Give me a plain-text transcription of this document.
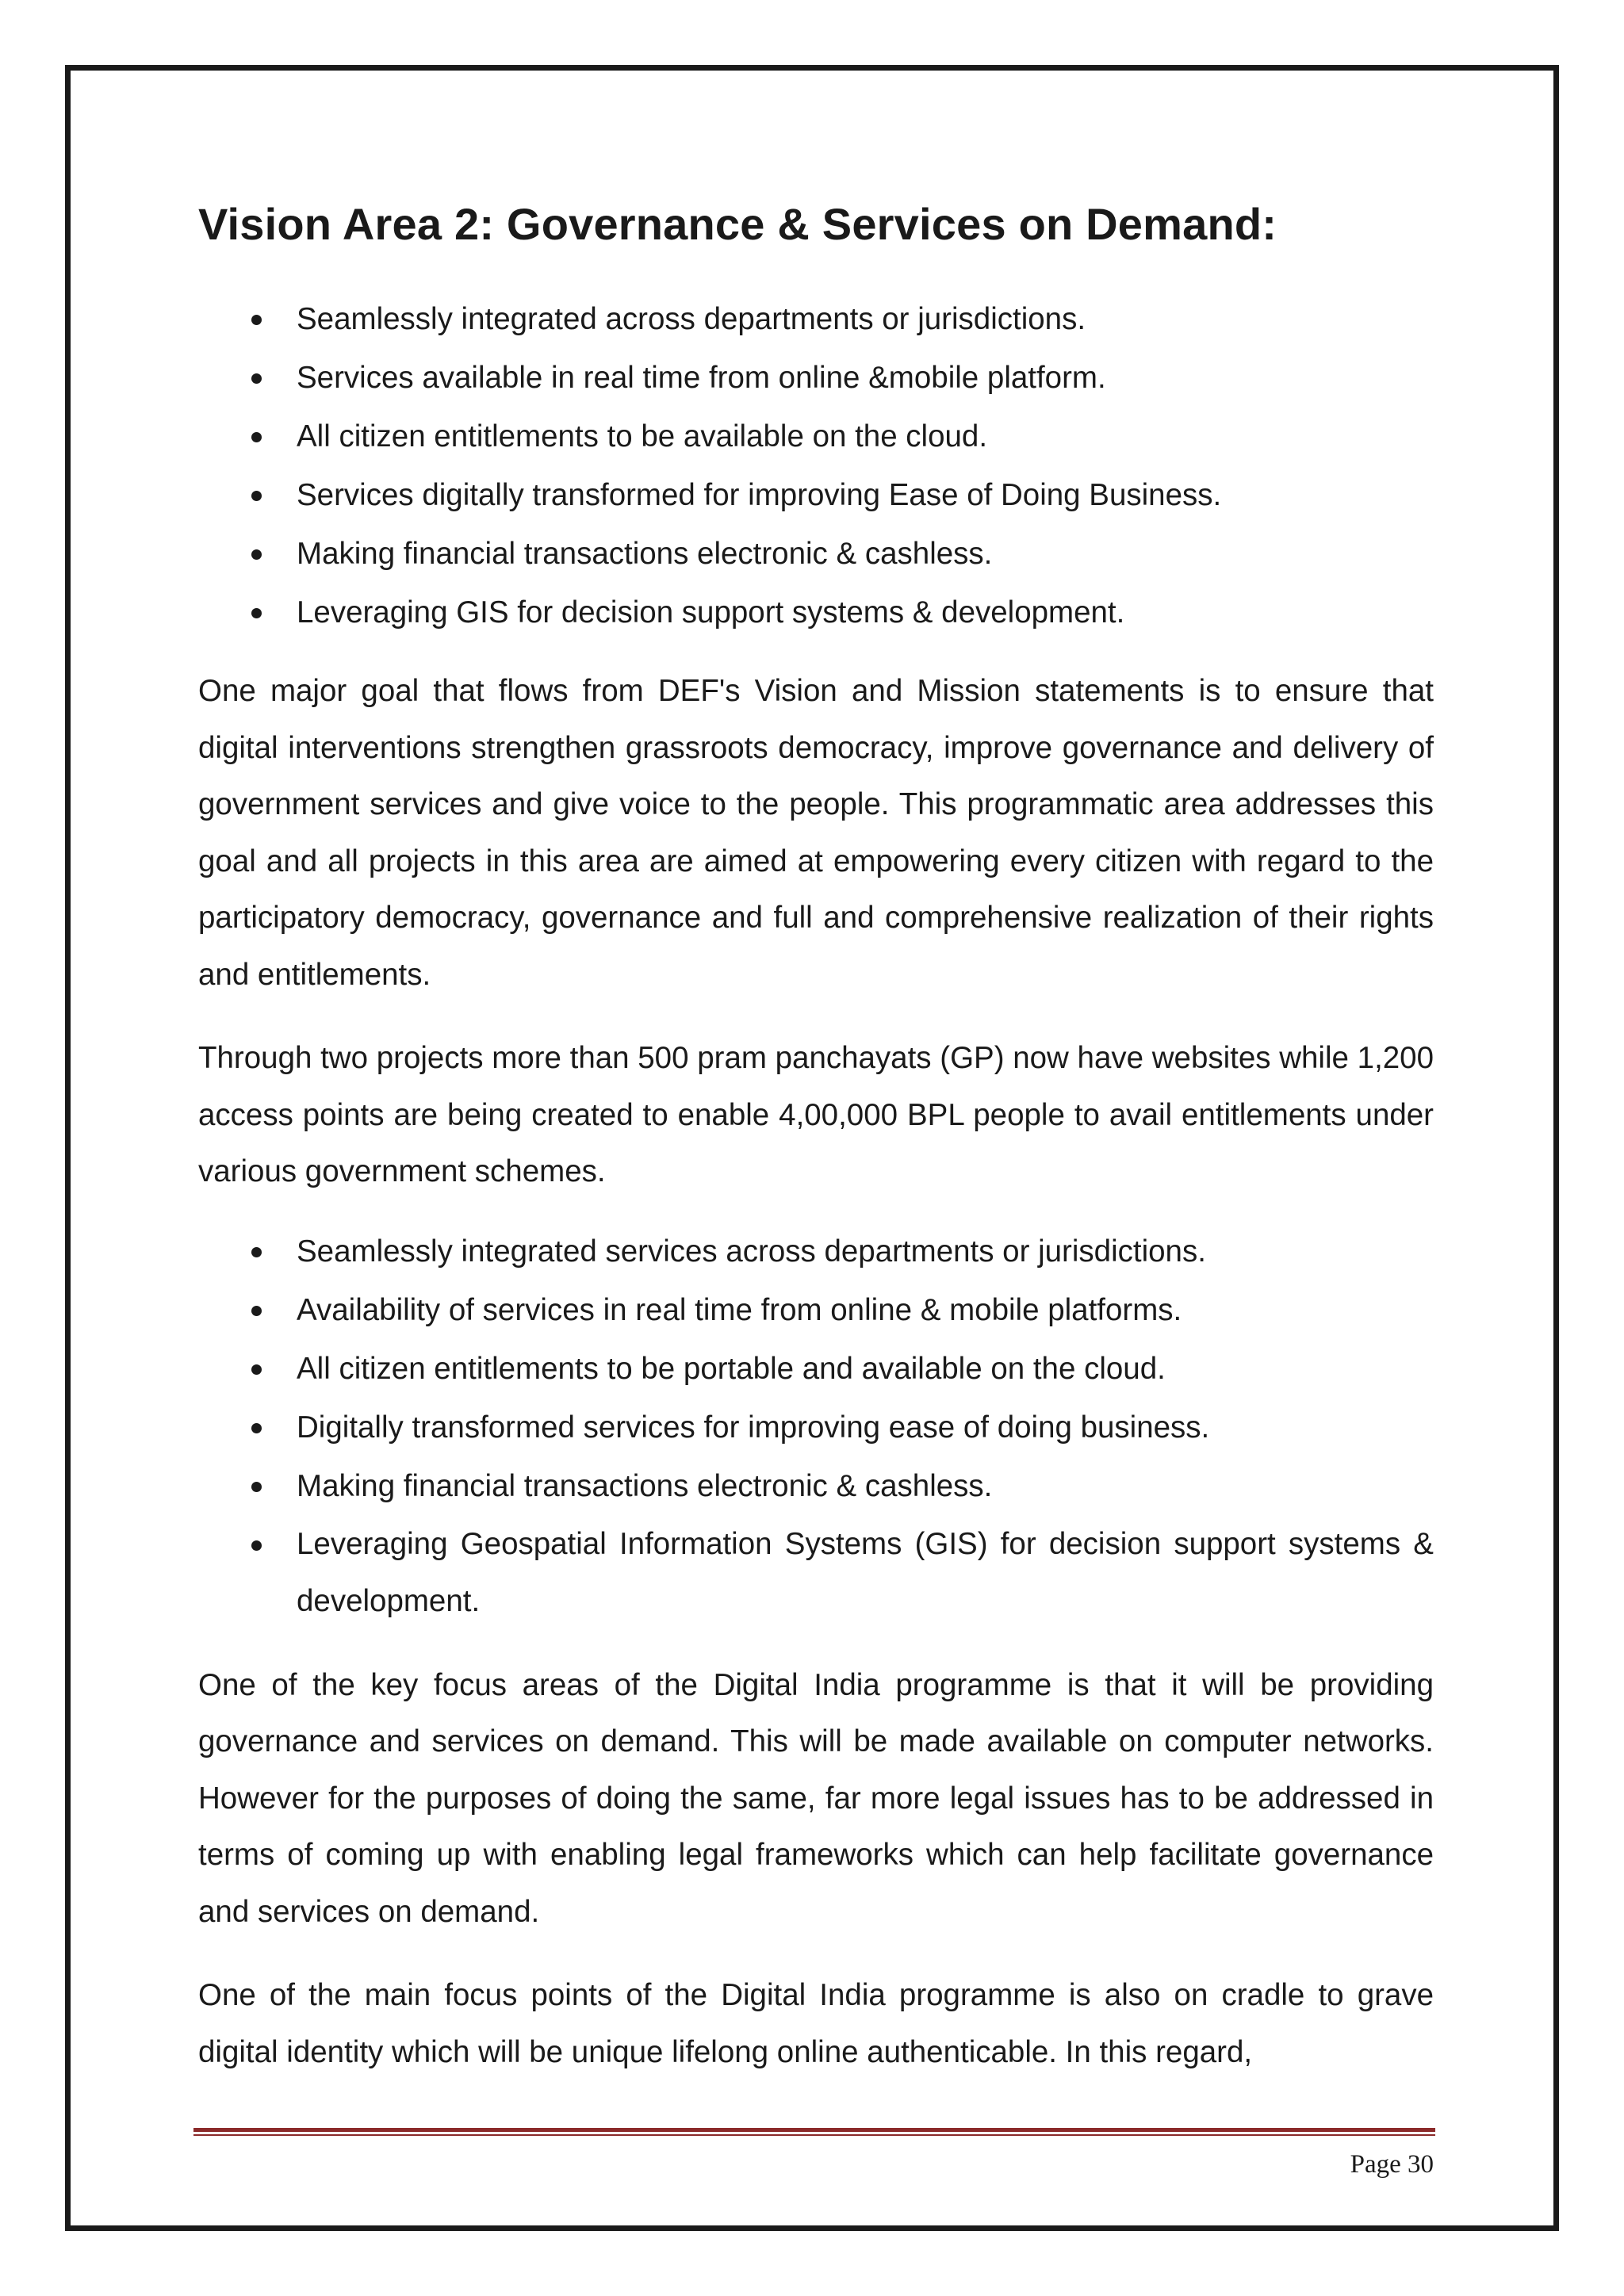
Vision Area 2: Governance & Services on Demand:
Seamlessly integrated across departments or jurisdictions.
Services available in real time from online &mobile platform.
All citizen entitlements to be available on the cloud.
Services digitally transformed for improving Ease of Doing Business.
Making financial transactions electronic & cashless.
Leveraging GIS for decision support systems & development.

One major goal that flows from DEF's Vision and Mission statements is to ensure that digital interventions strengthen grassroots democracy, improve governance and delivery of government services and give voice to the people. This programmatic area addresses this goal and all projects in this area are aimed at empowering every citizen with regard to the participatory democracy, governance and full and comprehensive realization of their rights and entitlements.

Through two projects more than 500 pram panchayats (GP) now have websites while 1,200 access points are being created to enable 4,00,000 BPL people to avail entitlements under various government schemes.

Seamlessly integrated services across departments or jurisdictions.
Availability of services in real time from online & mobile platforms.
All citizen entitlements to be portable and available on the cloud.
Digitally transformed services for improving ease of doing business.
Making financial transactions electronic & cashless.
Leveraging Geospatial Information Systems (GIS) for decision support systems & development.

One of the key focus areas of the Digital India programme is that it will be providing governance and services on demand. This will be made available on computer networks. However for the purposes of doing the same, far more legal issues has to be addressed in terms of coming up with enabling legal frameworks which can help facilitate governance and services on demand.

One of the main focus points of the Digital India programme is also on cradle to grave digital identity which will be unique lifelong online authenticable. In this regard,

Page 30
